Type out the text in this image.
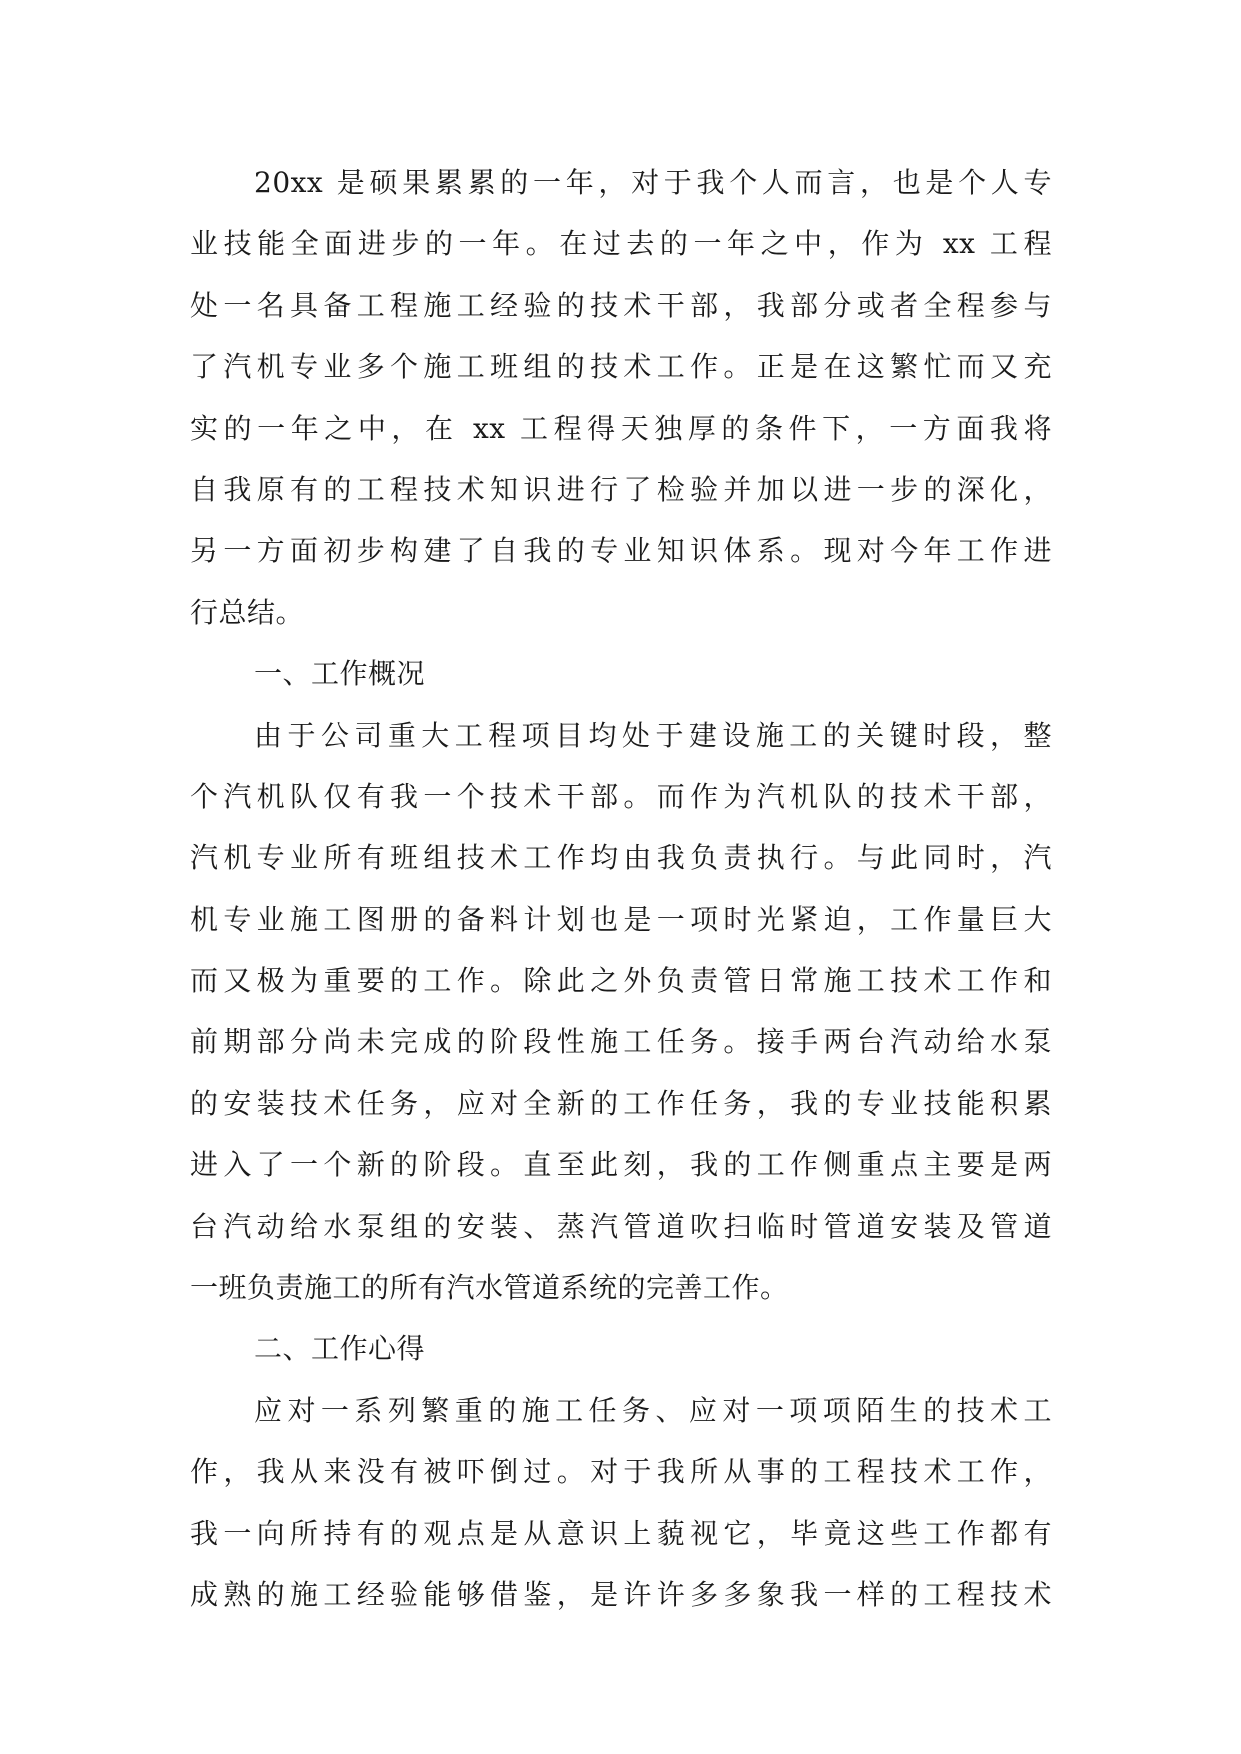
20xx 是硕果累累的一年，对于我个人而言，也是个人专
业技能全面进步的一年。在过去的一年之中，作为 xx 工程
处一名具备工程施工经验的技术干部，我部分或者全程参与
了汽机专业多个施工班组的技术工作。正是在这繁忙而又充
实的一年之中，在 xx 工程得天独厚的条件下，一方面我将
自我原有的工程技术知识进行了检验并加以进一步的深化，
另一方面初步构建了自我的专业知识体系。现对今年工作进
行总结。
一、工作概况
由于公司重大工程项目均处于建设施工的关键时段，整
个汽机队仅有我一个技术干部。而作为汽机队的技术干部，
汽机专业所有班组技术工作均由我负责执行。与此同时，汽
机专业施工图册的备料计划也是一项时光紧迫，工作量巨大
而又极为重要的工作。除此之外负责管日常施工技术工作和
前期部分尚未完成的阶段性施工任务。接手两台汽动给水泵
的安装技术任务，应对全新的工作任务，我的专业技能积累
进入了一个新的阶段。直至此刻，我的工作侧重点主要是两
台汽动给水泵组的安装、蒸汽管道吹扫临时管道安装及管道
一班负责施工的所有汽水管道系统的完善工作。
二、工作心得
应对一系列繁重的施工任务、应对一项项陌生的技术工
作，我从来没有被吓倒过。对于我所从事的工程技术工作，
我一向所持有的观点是从意识上藐视它，毕竟这些工作都有
成熟的施工经验能够借鉴，是许许多多象我一样的工程技术
